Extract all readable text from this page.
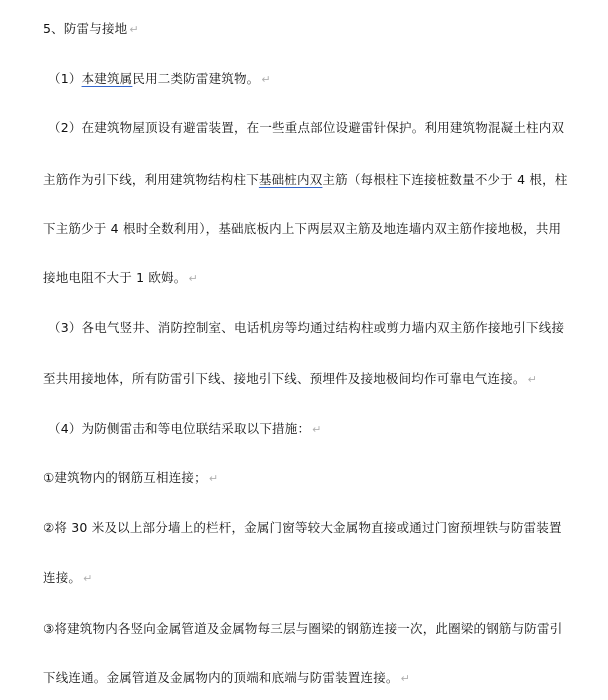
5、防雷与接地 ↵
（1）本建筑属民用二类防雷建筑物。 ↵
（2）在建筑物屋顶设有避雷装置，在一些重点部位设避雷针保护。利用建筑物混凝土柱内双
主筋作为引下线，利用建筑物结构柱下基础桩内双主筋（每根柱下连接桩数量不少于 4 根，柱
下主筋少于 4 根时全数利用），基础底板内上下两层双主筋及地连墙内双主筋作接地极，共用
接地电阻不大于 1 欧姆。 ↵
（3）各电气竖井、消防控制室、电话机房等均通过结构柱或剪力墙内双主筋作接地引下线接
至共用接地体，所有防雷引下线、接地引下线、预埋件及接地极间均作可靠电气连接。 ↵
（4）为防侧雷击和等电位联结采取以下措施： ↵
①建筑物内的钢筋互相连接； ↵
②将 30 米及以上部分墙上的栏杆，金属门窗等较大金属物直接或通过门窗预埋铁与防雷装置
连接。 ↵
③将建筑物内各竖向金属管道及金属物每三层与圈梁的钢筋连接一次，此圈梁的钢筋与防雷引
下线连通。金属管道及金属物内的顶端和底端与防雷装置连接。 ↵
